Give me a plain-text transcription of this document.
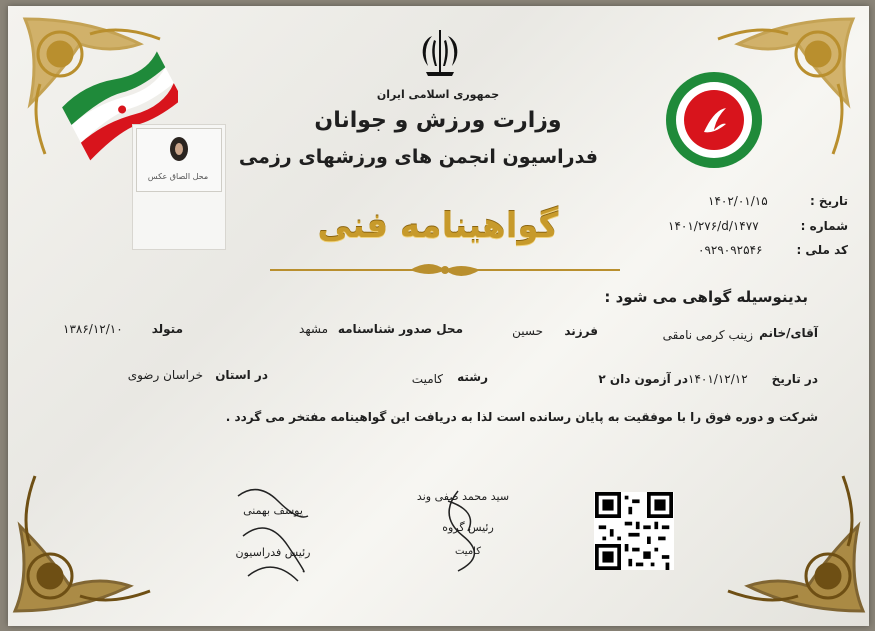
جمهوری اسلامی ایران
وزارت ورزش و جوانان
فدراسیون انجمن های ورزشهای رزمی
محل الصاق عکس
تاریخ :
۱۴۰۲/۰۱/۱۵
شماره :
۱۴۰۱/۲۷۶/d/۱۴۷۷
کد ملی :
۰۹۲۹۰۹۲۵۴۶
گواهینامه فنی
بدینوسیله گواهی می شود :
آقای/خانم
زینب کرمی نامقی
فرزند
حسین
محل صدور شناسنامه
مشهد
متولد
۱۳۸۶/۱۲/۱۰
در تاریخ
۱۴۰۱/۱۲/۱۲
در آزمون دان ۲
رشته
کامیت
در استان
خراسان رضوی
شرکت و دوره فوق را با موفقیت به پایان رسانده است لذا به دریافت این گواهینامه مفتخر می گردد .
یوسف بهمنی
رئیس فدراسیون
سید محمد صفی وند
رئیس گروه
کامیت
